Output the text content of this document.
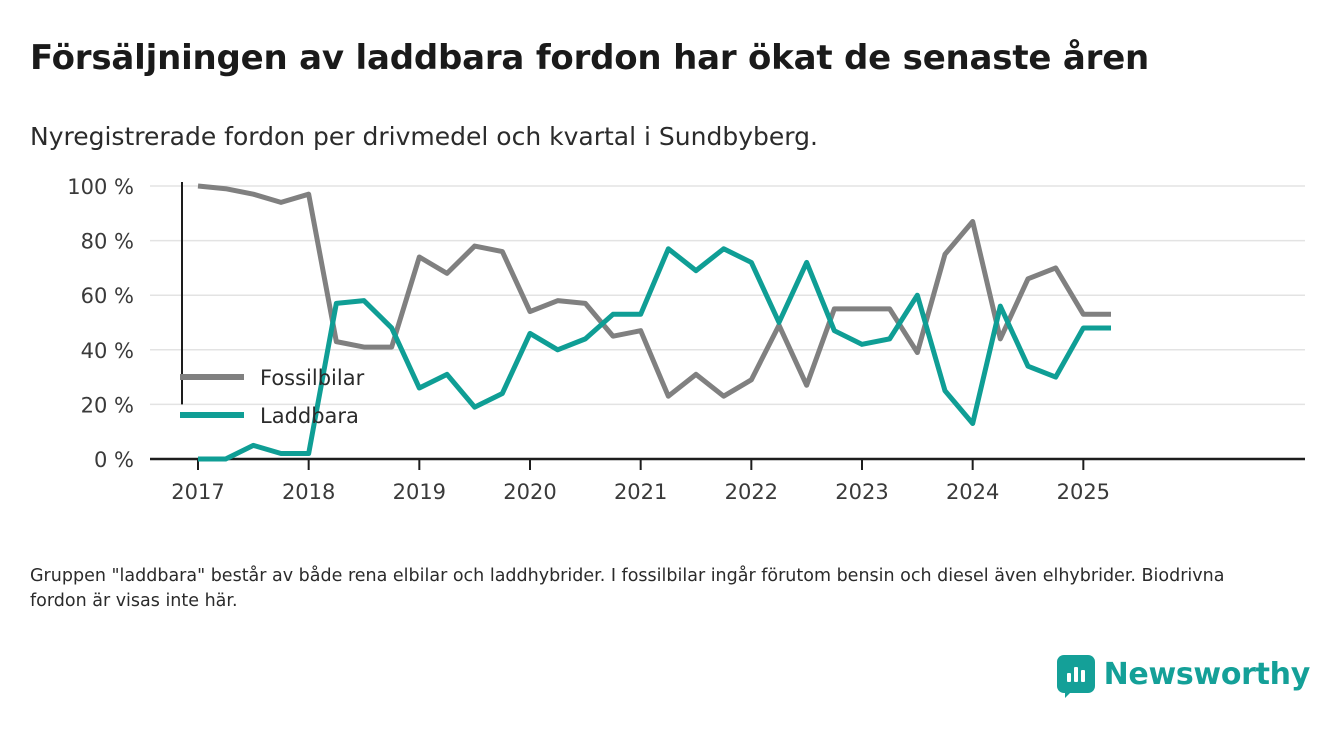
Försäljningen av laddbara fordon har ökat de senaste åren
Nyregistrerade fordon per drivmedel och kvartal i Sundbyberg.
0 %
20 %
40 %
60 %
80 %
100 %
2017	2018	2019	2020	2021	2022	2023	2024	2025
Fossilbilar
Laddbara
Gruppen "laddbara" består av både rena elbilar och laddhybrider. I fossilbilar ingår förutom bensin och diesel även elhybrider. Biodrivna fordon är visas inte här.
Newsworthy
